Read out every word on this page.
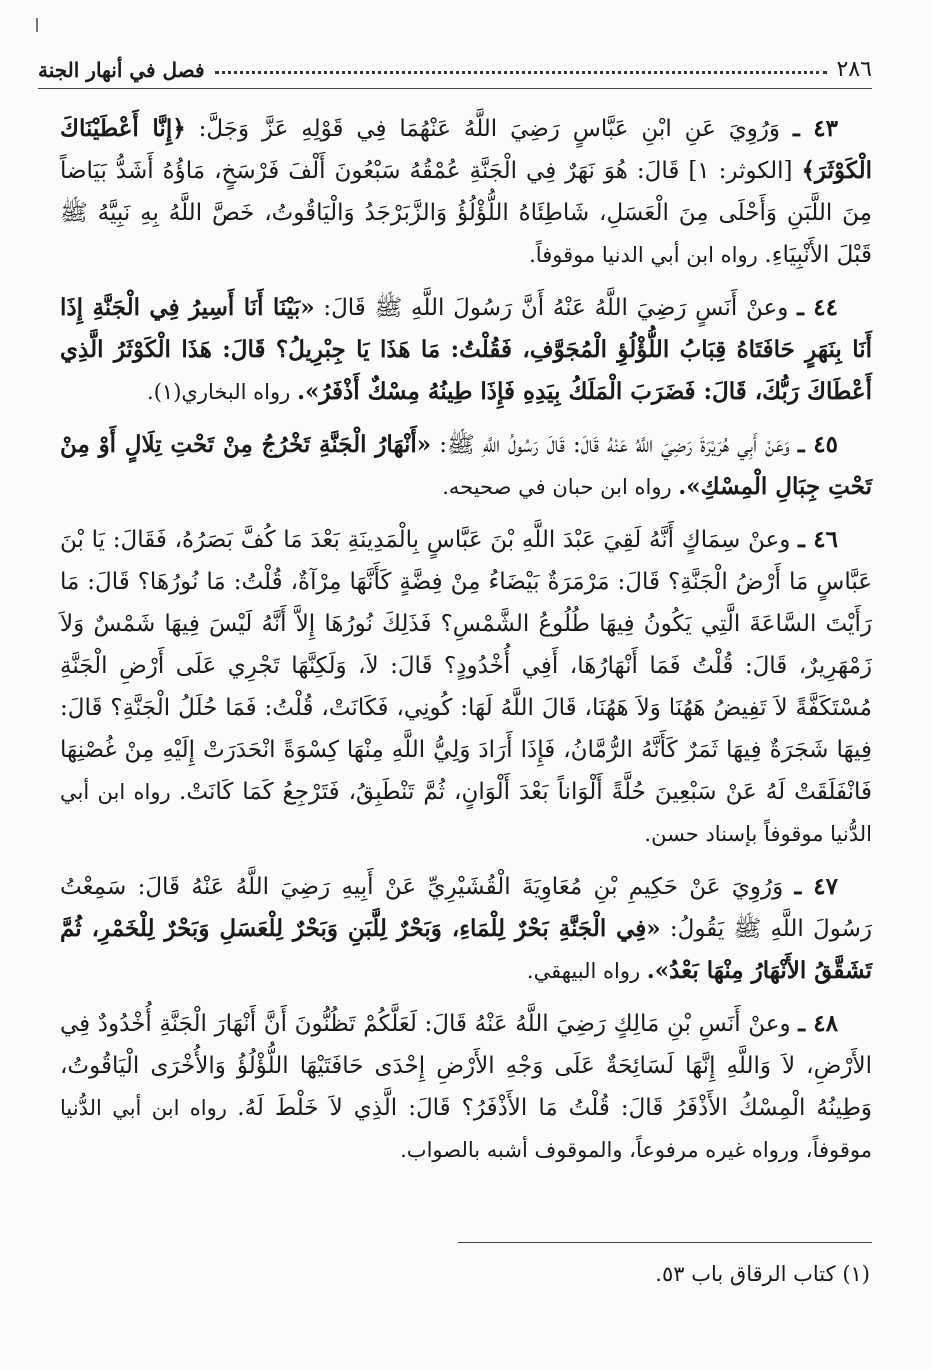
٢٨٦
فصل في أنهار الجنة

٤٣ ـ وَرُوِيَ عَنِ ابْنِ عَبَّاسٍ رَضِيَ اللَّهُ عَنْهُمَا فِي قَوْلِهِ عَزَّ وَجَلَّ: ﴿إِنَّا أَعْطَيْنَاكَ الْكَوْثَرَ﴾ [الكوثر: ١] قَالَ: هُوَ نَهَرٌ فِي الْجَنَّةِ عُمْقُهُ سَبْعُونَ أَلْفَ فَرْسَخٍ، مَاؤُهُ أَشَدُّ بَيَاضاً مِنَ اللَّبَنِ وَأَحْلَى مِنَ الْعَسَلِ، شَاطِئَاهُ اللُّؤْلُؤُ وَالزَّبَرْجَدُ وَالْيَاقُوتُ، خَصَّ اللَّهُ بِهِ نَبِيَّهُ ﷺ قَبْلَ الأَنْبِيَاءِ. رواه ابن أبي الدنيا موقوفاً.

٤٤ ـ وعنْ أَنَسٍ رَضِيَ اللَّهُ عَنْهُ أَنَّ رَسُولَ اللَّهِ ﷺ قَالَ: «بَيْنَا أَنَا أَسِيرُ فِي الْجَنَّةِ إِذَا أَنَا بِنَهَرٍ حَافَتَاهُ قِبَابُ اللُّؤْلُؤِ الْمُجَوَّفِ، فَقُلْتُ: مَا هَذَا يَا جِبْرِيلُ؟ قَالَ: هَذَا الْكَوْثَرُ الَّذِي أَعْطَاكَ رَبُّكَ، قَالَ: فَضَرَبَ الْمَلَكُ بِيَدِهِ فَإِذَا طِينُهُ مِسْكٌ أَذْفَرُ». رواه البخاري(١).

٤٥ ـ وَعَنْ أَبِي هُرَيْرَةَ رَضِيَ اللَّهُ عَنْهُ قَالَ: قَالَ رَسُولُ اللَّهِ ﷺ: «أَنْهَارُ الْجَنَّةِ تَخْرُجُ مِنْ تَحْتِ تِلَالٍ أَوْ مِنْ تَحْتِ جِبَالِ الْمِسْكِ». رواه ابن حبان في صحيحه.

٤٦ ـ وعنْ سِمَاكٍ أَنَّهُ لَقِيَ عَبْدَ اللَّهِ بْنَ عَبَّاسٍ بِالْمَدِينَةِ بَعْدَ مَا كُفَّ بَصَرُهُ، فَقَالَ: يَا بْنَ عَبَّاسٍ مَا أَرْضُ الْجَنَّةِ؟ قَالَ: مَرْمَرَةٌ بَيْضَاءُ مِنْ فِضَّةٍ كَأَنَّهَا مِرْآةٌ، قُلْتُ: مَا نُورُهَا؟ قَالَ: مَا رَأَيْتَ السَّاعَةَ الَّتِي يَكُونُ فِيهَا طُلُوعُ الشَّمْسِ؟ فَذَلِكَ نُورُهَا إِلاَّ أَنَّهُ لَيْسَ فِيهَا شَمْسٌ وَلاَ زَمْهَرِيرٌ، قَالَ: قُلْتُ فَمَا أَنْهَارُهَا، أَفِي أُخْدُودٍ؟ قَالَ: لاَ، وَلَكِنَّهَا تَجْرِي عَلَى أَرْضِ الْجَنَّةِ مُسْتَكَفَّةً لاَ تَفِيضُ هَهُنَا وَلاَ هَهُنَا، قَالَ اللَّهُ لَهَا: كُونِي، فَكَانَتْ، قُلْتُ: فَمَا حُلَلُ الْجَنَّةِ؟ قَالَ: فِيهَا شَجَرَةٌ فِيهَا ثَمَرٌ كَأَنَّهُ الرُّمَّانُ، فَإِذَا أَرَادَ وَلِيُّ اللَّهِ مِنْهَا كِسْوَةً انْحَدَرَتْ إِلَيْهِ مِنْ غُصْنِهَا فَانْفَلَقَتْ لَهُ عَنْ سَبْعِينَ حُلَّةً أَلْوَاناً بَعْدَ أَلْوَانٍ، ثُمَّ تَنْطَبِقُ، فَتَرْجِعُ كَمَا كَانَتْ. رواه ابن أبي الدُّنيا موقوفاً بإسناد حسن.

٤٧ ـ وَرُوِيَ عَنْ حَكِيمِ بْنِ مُعَاوِيَةَ الْقُشَيْرِيِّ عَنْ أَبِيهِ رَضِيَ اللَّهُ عَنْهُ قَالَ: سَمِعْتُ رَسُولَ اللَّهِ ﷺ يَقُولُ: «فِي الْجَنَّةِ بَحْرٌ لِلْمَاءِ، وَبَحْرٌ لِلَّبَنِ وَبَحْرٌ لِلْعَسَلِ وَبَحْرٌ لِلْخَمْرِ، ثُمَّ تَشَقَّقُ الأَنْهَارُ مِنْهَا بَعْدُ». رواه البيهقي.

٤٨ ـ وعنْ أَنَسِ بْنِ مَالِكٍ رَضِيَ اللَّهُ عَنْهُ قَالَ: لَعَلَّكُمْ تَظُنُّونَ أَنَّ أَنْهَارَ الْجَنَّةِ أُخْدُودٌ فِي الأَرْضِ، لاَ وَاللَّهِ إِنَّهَا لَسَائِحَةٌ عَلَى وَجْهِ الأَرْضِ إِحْدَى حَافَتَيْهَا اللُّؤْلُؤُ وَالأُخْرَى الْيَاقُوتُ، وَطِينُهُ الْمِسْكُ الأَذْفَرُ قَالَ: قُلْتُ مَا الأَذْفَرُ؟ قَالَ: الَّذِي لاَ خَلْطَ لَهُ. رواه ابن أبي الدُّنيا موقوفاً، ورواه غيره مرفوعاً، والموقوف أشبه بالصواب.

(١) كتاب الرقاق باب ٥٣.
